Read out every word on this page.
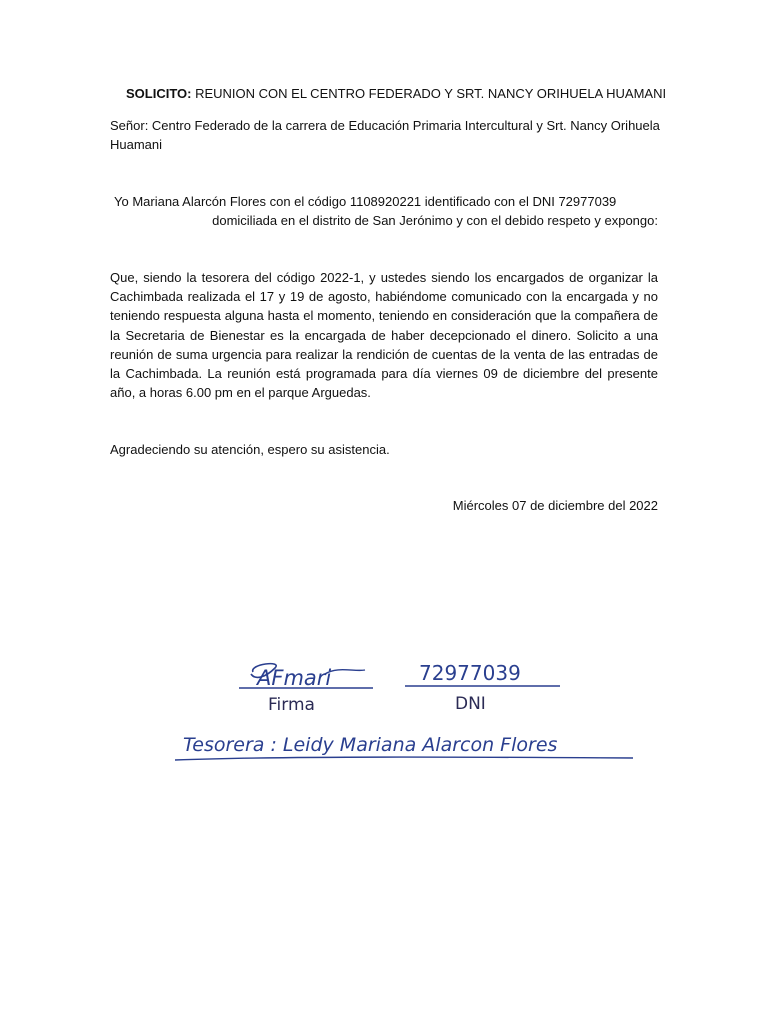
SOLICITO: REUNION CON EL CENTRO FEDERADO Y SRT. NANCY ORIHUELA HUAMANI
Señor: Centro Federado de la carrera de Educación Primaria Intercultural y Srt. Nancy Orihuela Huamani
Yo Mariana Alarcón Flores con el código 1108920221 identificado con el DNI 72977039
domiciliada en el distrito de San Jerónimo y con el debido respeto y expongo:
Que, siendo la tesorera del código 2022-1, y ustedes siendo los encargados de organizar la Cachimbada realizada el 17 y 19 de agosto, habiéndome comunicado con la encargada y no teniendo respuesta alguna hasta el momento, teniendo en consideración que la compañera de la Secretaria de Bienestar es la encargada de haber decepcionado el dinero. Solicito a una reunión de suma urgencia para realizar la rendición de cuentas de la venta de las entradas de la Cachimbada. La reunión está programada para día viernes 09 de diciembre del presente año, a horas 6.00 pm en el parque Arguedas.
Agradeciendo su atención, espero su asistencia.
Miércoles 07 de diciembre del 2022
AFmari
Firma
72977039
DNI
Tesorera : Leidy Mariana Alarcon Flores
